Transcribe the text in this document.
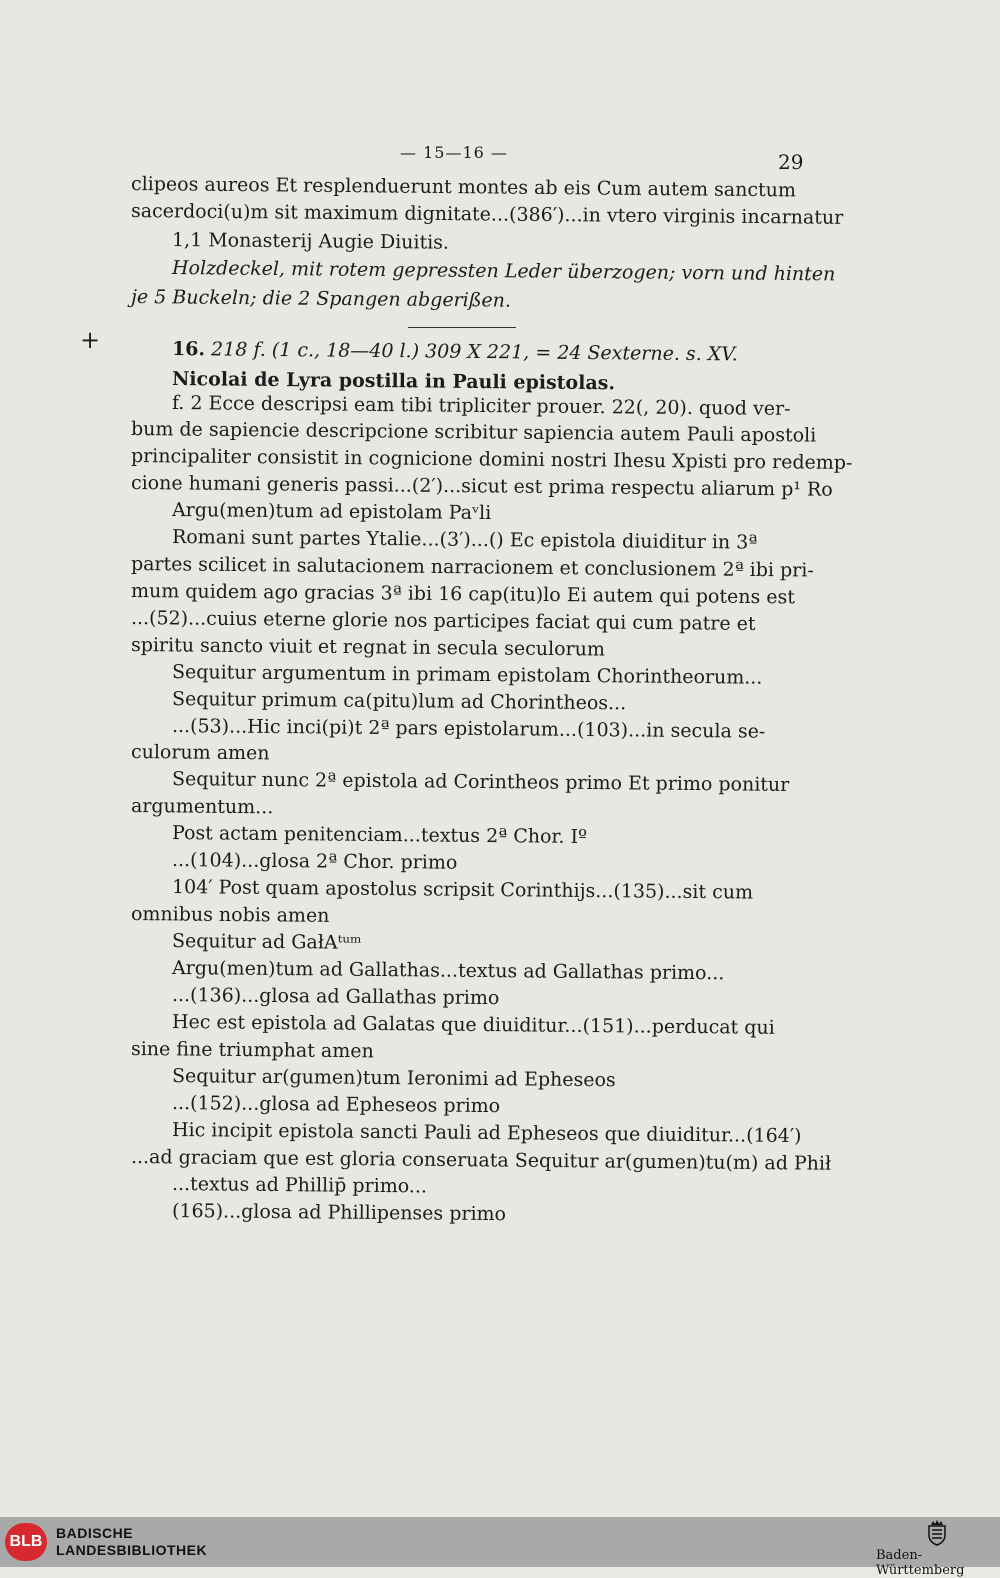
— 15—16 —	29
+
clipeos aureos Et resplenduerunt montes ab eis Cum autem sanctum
sacerdoci(u)m sit maximum dignitate...(386′)...in vtero virginis incarnatur
1,1 Monasterij Augie Diuitis.
Holzdeckel, mit rotem gepressten Leder überzogen; vorn und hinten
je 5 Buckeln; die 2 Spangen abgerißen.
16. 218 f. (1 c., 18—40 l.) 309 X 221, = 24 Sexterne. s. XV.
Nicolai de Lyra postilla in Pauli epistolas.
f. 2 Ecce descripsi eam tibi tripliciter prouer. 22(, 20). quod ver-
bum de sapiencie descripcione scribitur sapiencia autem Pauli apostoli
principaliter consistit in cognicione domini nostri Ihesu Xpisti pro redemp-
cione humani generis passi...(2′)...sicut est prima respectu aliarum p¹ Ro
Argu(men)tum ad epistolam Paᵛli
Romani sunt partes Ytalie...(3′)...() Ec epistola diuiditur in 3ª
partes scilicet in salutacionem narracionem et conclusionem 2ª ibi pri-
mum quidem ago gracias 3ª ibi 16 cap(itu)lo Ei autem qui potens est
...(52)...cuius eterne glorie nos participes faciat qui cum patre et
spiritu sancto viuit et regnat in secula seculorum
Sequitur argumentum in primam epistolam Chorintheorum...
Sequitur primum ca(pitu)lum ad Chorintheos...
...(53)...Hic inci(pi)t 2ª pars epistolarum...(103)...in secula se-
culorum amen
Sequitur nunc 2ª epistola ad Corintheos primo Et primo ponitur
argumentum...
Post actam penitenciam...textus 2ª Chor. Iº
...(104)...glosa 2ª Chor. primo
104′ Post quam apostolus scripsit Corinthijs...(135)...sit cum
omnibus nobis amen
Sequitur ad GałAᵗᵘᵐ
Argu(men)tum ad Gallathas...textus ad Gallathas primo...
...(136)...glosa ad Gallathas primo
Hec est epistola ad Galatas que diuiditur...(151)...perducat qui
sine fine triumphat amen
Sequitur ar(gumen)tum Ieronimi ad Epheseos
...(152)...glosa ad Epheseos primo
Hic incipit epistola sancti Pauli ad Epheseos que diuiditur...(164′)
...ad graciam que est gloria conseruata Sequitur ar(gumen)tu(m) ad Phił
...textus ad Phillip̄ primo...
(165)...glosa ad Phillipenses primo
BLB BADISCHE
LANDESBIBLIOTHEK	Baden-Württemberg
